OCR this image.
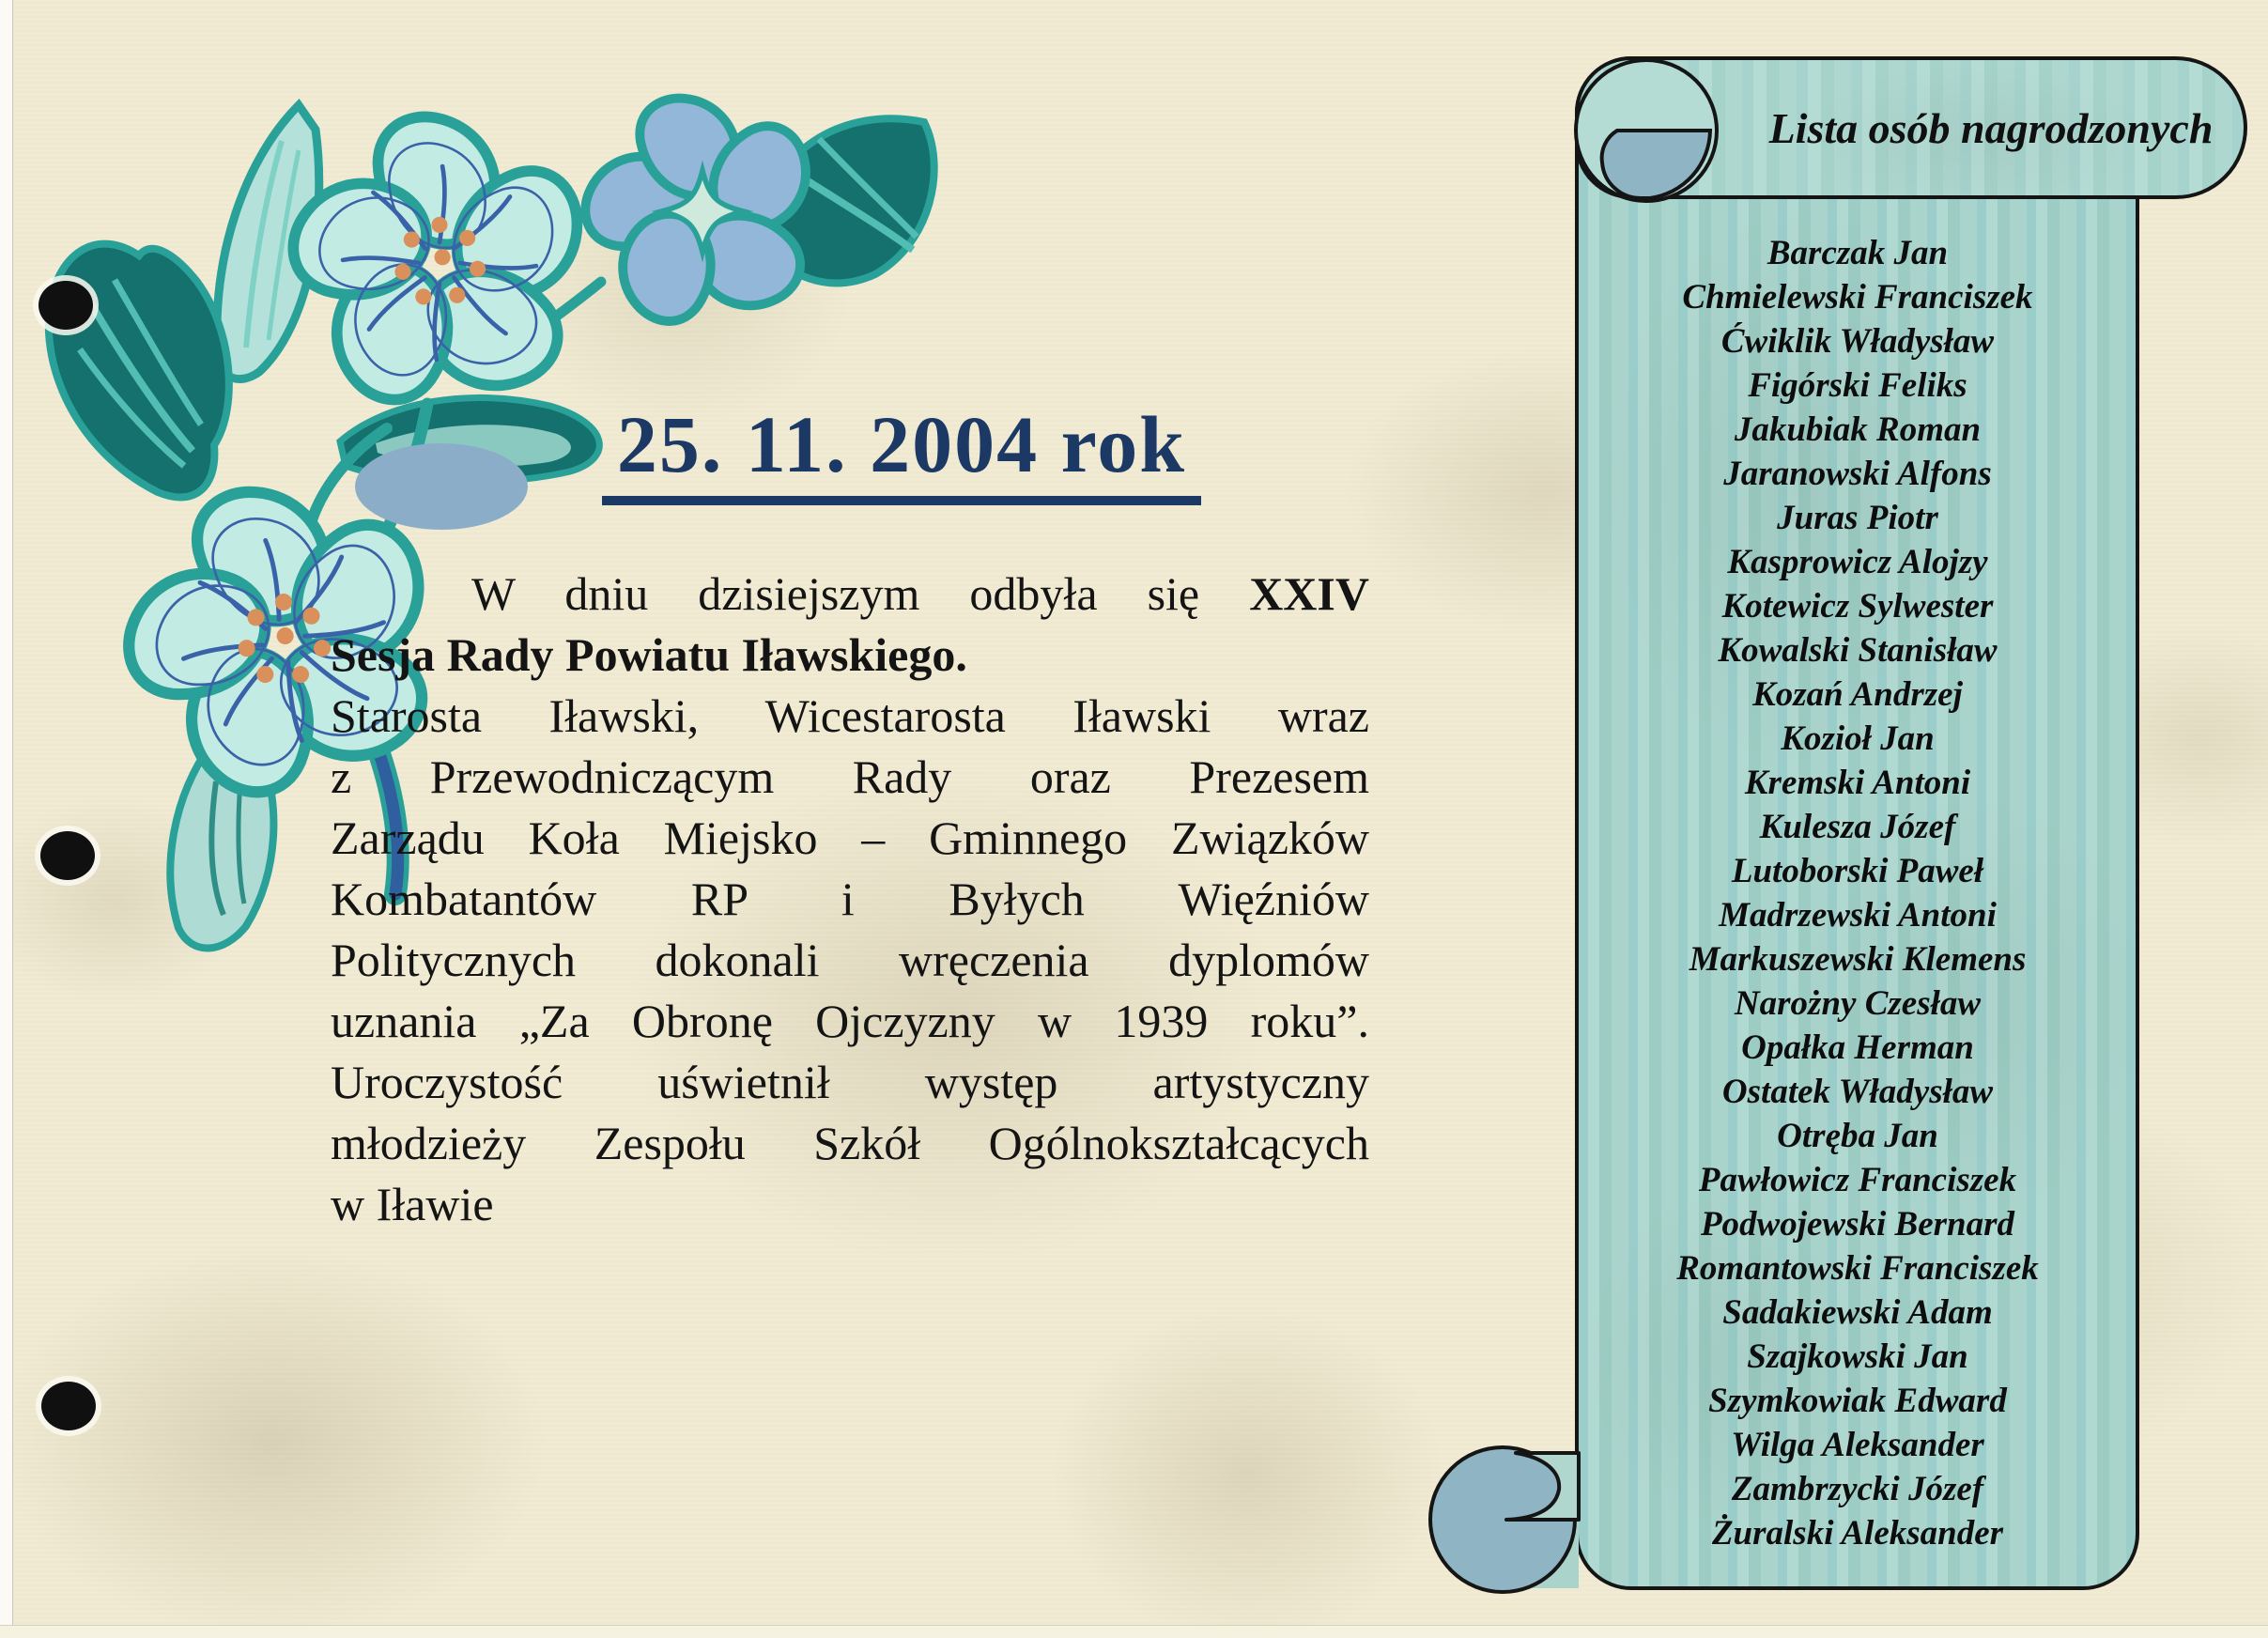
25. 11. 2004 rok
W dniu dzisiejszym odbyła się XXIV
Sesja Rady Powiatu Iławskiego.
Starosta Iławski, Wicestarosta Iławski wraz
z Przewodniczącym Rady oraz Prezesem
Zarządu Koła Miejsko – Gminnego Związków
Kombatantów RP i Byłych Więźniów
Politycznych dokonali wręczenia dyplomów
uznania „Za Obronę Ojczyzny w 1939 roku”.
Uroczystość uświetnił występ artystyczny
młodzieży Zespołu Szkół Ogólnokształcących
w Iławie
Lista osób nagrodzonych
Barczak Jan
Chmielewski Franciszek
Ćwiklik Władysław
Figórski Feliks
Jakubiak Roman
Jaranowski Alfons
Juras Piotr
Kasprowicz Alojzy
Kotewicz Sylwester
Kowalski Stanisław
Kozań Andrzej
Kozioł Jan
Kremski Antoni
Kulesza Józef
Lutoborski Paweł
Madrzewski Antoni
Markuszewski Klemens
Narożny Czesław
Opałka Herman
Ostatek Władysław
Otręba Jan
Pawłowicz Franciszek
Podwojewski Bernard
Romantowski Franciszek
Sadakiewski Adam
Szajkowski Jan
Szymkowiak Edward
Wilga Aleksander
Zambrzycki Józef
Żuralski Aleksander
